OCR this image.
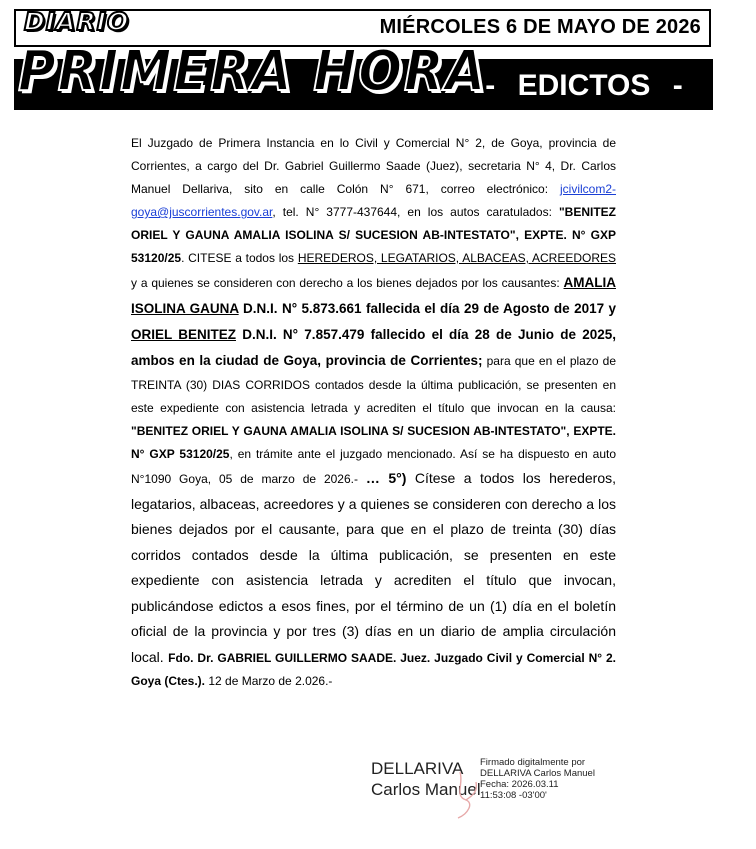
MIÉRCOLES 6 DE MAYO DE 2026
DIARIO
PRIMERA HORA
- EDICTOS -

El Juzgado de Primera Instancia en lo Civil y Comercial N° 2, de Goya, provincia de Corrientes, a cargo del Dr. Gabriel Guillermo Saade (Juez), secretaria N° 4, Dr. Carlos Manuel Dellariva, sito en calle Colón N° 671, correo electrónico: jcivilcom2-goya@juscorrientes.gov.ar, tel. N° 3777-437644, en los autos caratulados: "BENITEZ ORIEL Y GAUNA AMALIA ISOLINA S/ SUCESION AB-INTESTATO", EXPTE. N° GXP 53120/25. CITESE a todos los HEREDEROS, LEGATARIOS, ALBACEAS, ACREEDORES y a quienes se consideren con derecho a los bienes dejados por los causantes: AMALIA ISOLINA GAUNA D.N.I. N° 5.873.661 fallecida el día 29 de Agosto de 2017 y ORIEL BENITEZ D.N.I. N° 7.857.479 fallecido el día 28 de Junio de 2025, ambos en la ciudad de Goya, provincia de Corrientes; para que en el plazo de TREINTA (30) DIAS CORRIDOS contados desde la última publicación, se presenten en este expediente con asistencia letrada y acrediten el título que invocan en la causa: "BENITEZ ORIEL Y GAUNA AMALIA ISOLINA S/ SUCESION AB-INTESTATO", EXPTE. N° GXP 53120/25, en trámite ante el juzgado mencionado. Así se ha dispuesto en auto N°1090 Goya, 05 de marzo de 2026.- … 5°) Cítese a todos los herederos, legatarios, albaceas, acreedores y a quienes se consideren con derecho a los bienes dejados por el causante, para que en el plazo de treinta (30) días corridos contados desde la última publicación, se presenten en este expediente con asistencia letrada y acrediten el título que invocan, publicándose edictos a esos fines, por el término de un (1) día en el boletín oficial de la provincia y por tres (3) días en un diario de amplia circulación local. Fdo. Dr. GABRIEL GUILLERMO SAADE. Juez. Juzgado Civil y Comercial N° 2. Goya (Ctes.). 12 de Marzo de 2.026.-

DELLARIVA
Carlos Manuel
Firmado digitalmente por
DELLARIVA Carlos Manuel
Fecha: 2026.03.11
11:53:08 -03'00'
